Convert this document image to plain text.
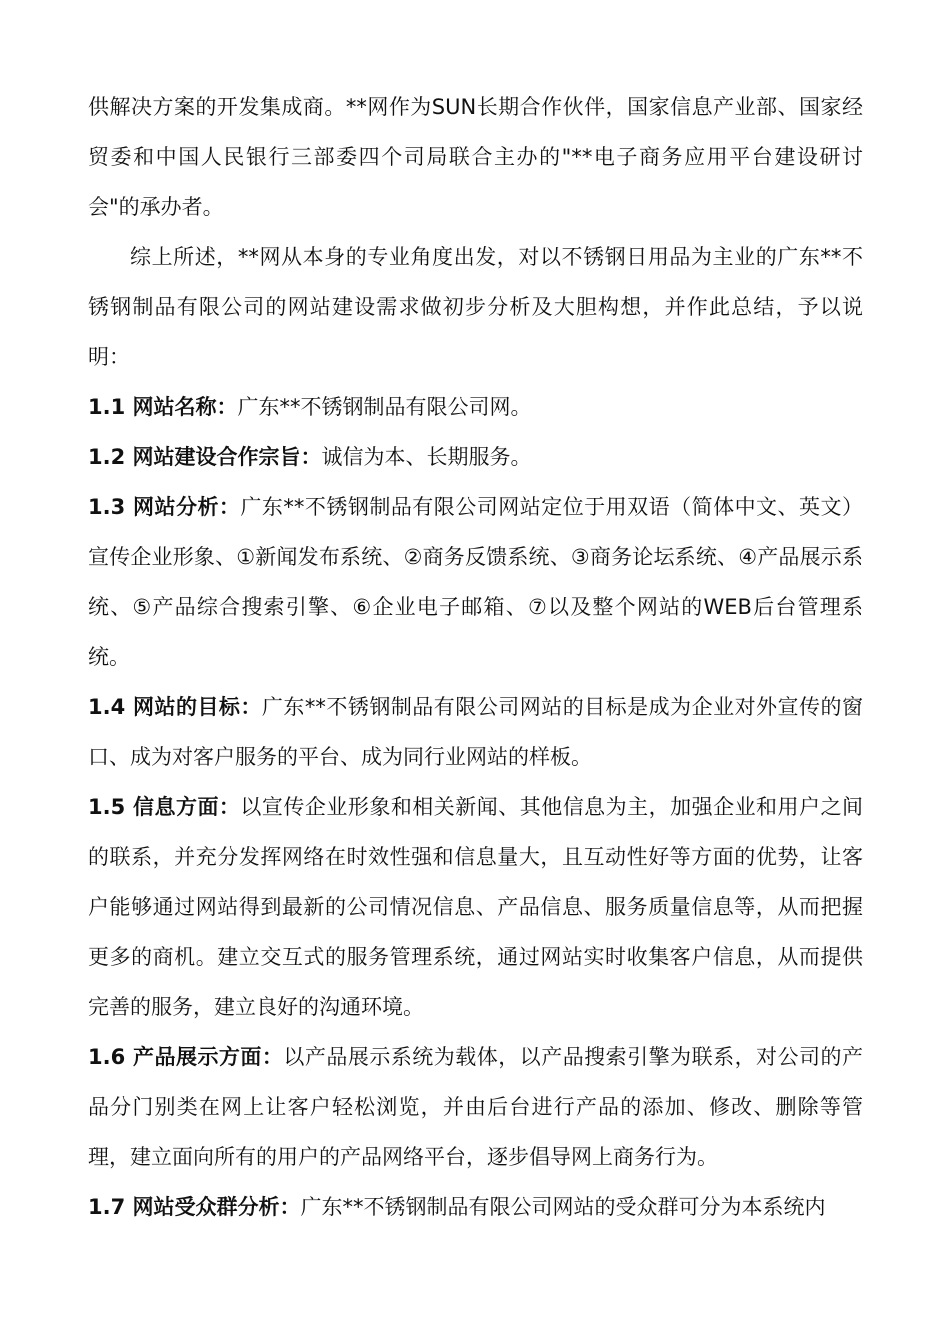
供解决方案的开发集成商。**网作为SUN长期合作伙伴，国家信息产业部、国家经贸委和中国人民银行三部委四个司局联合主办的"**电子商务应用平台建设研讨会"的承办者。

综上所述，**网从本身的专业角度出发，对以不锈钢日用品为主业的广东**不锈钢制品有限公司的网站建设需求做初步分析及大胆构想，并作此总结，予以说明：

1.1 网站名称：广东**不锈钢制品有限公司网。

1.2 网站建设合作宗旨：诚信为本、长期服务。

1.3 网站分析：广东**不锈钢制品有限公司网站定位于用双语（简体中文、英文）宣传企业形象、①新闻发布系统、②商务反馈系统、③商务论坛系统、④产品展示系统、⑤产品综合搜索引擎、⑥企业电子邮箱、⑦以及整个网站的WEB后台管理系统。

1.4 网站的目标：广东**不锈钢制品有限公司网站的目标是成为企业对外宣传的窗口、成为对客户服务的平台、成为同行业网站的样板。

1.5 信息方面：以宣传企业形象和相关新闻、其他信息为主，加强企业和用户之间的联系，并充分发挥网络在时效性强和信息量大，且互动性好等方面的优势，让客户能够通过网站得到最新的公司情况信息、产品信息、服务质量信息等，从而把握更多的商机。建立交互式的服务管理系统，通过网站实时收集客户信息，从而提供完善的服务，建立良好的沟通环境。

1.6 产品展示方面：以产品展示系统为载体，以产品搜索引擎为联系，对公司的产品分门别类在网上让客户轻松浏览，并由后台进行产品的添加、修改、删除等管理，建立面向所有的用户的产品网络平台，逐步倡导网上商务行为。

1.7 网站受众群分析：广东**不锈钢制品有限公司网站的受众群可分为本系统内
